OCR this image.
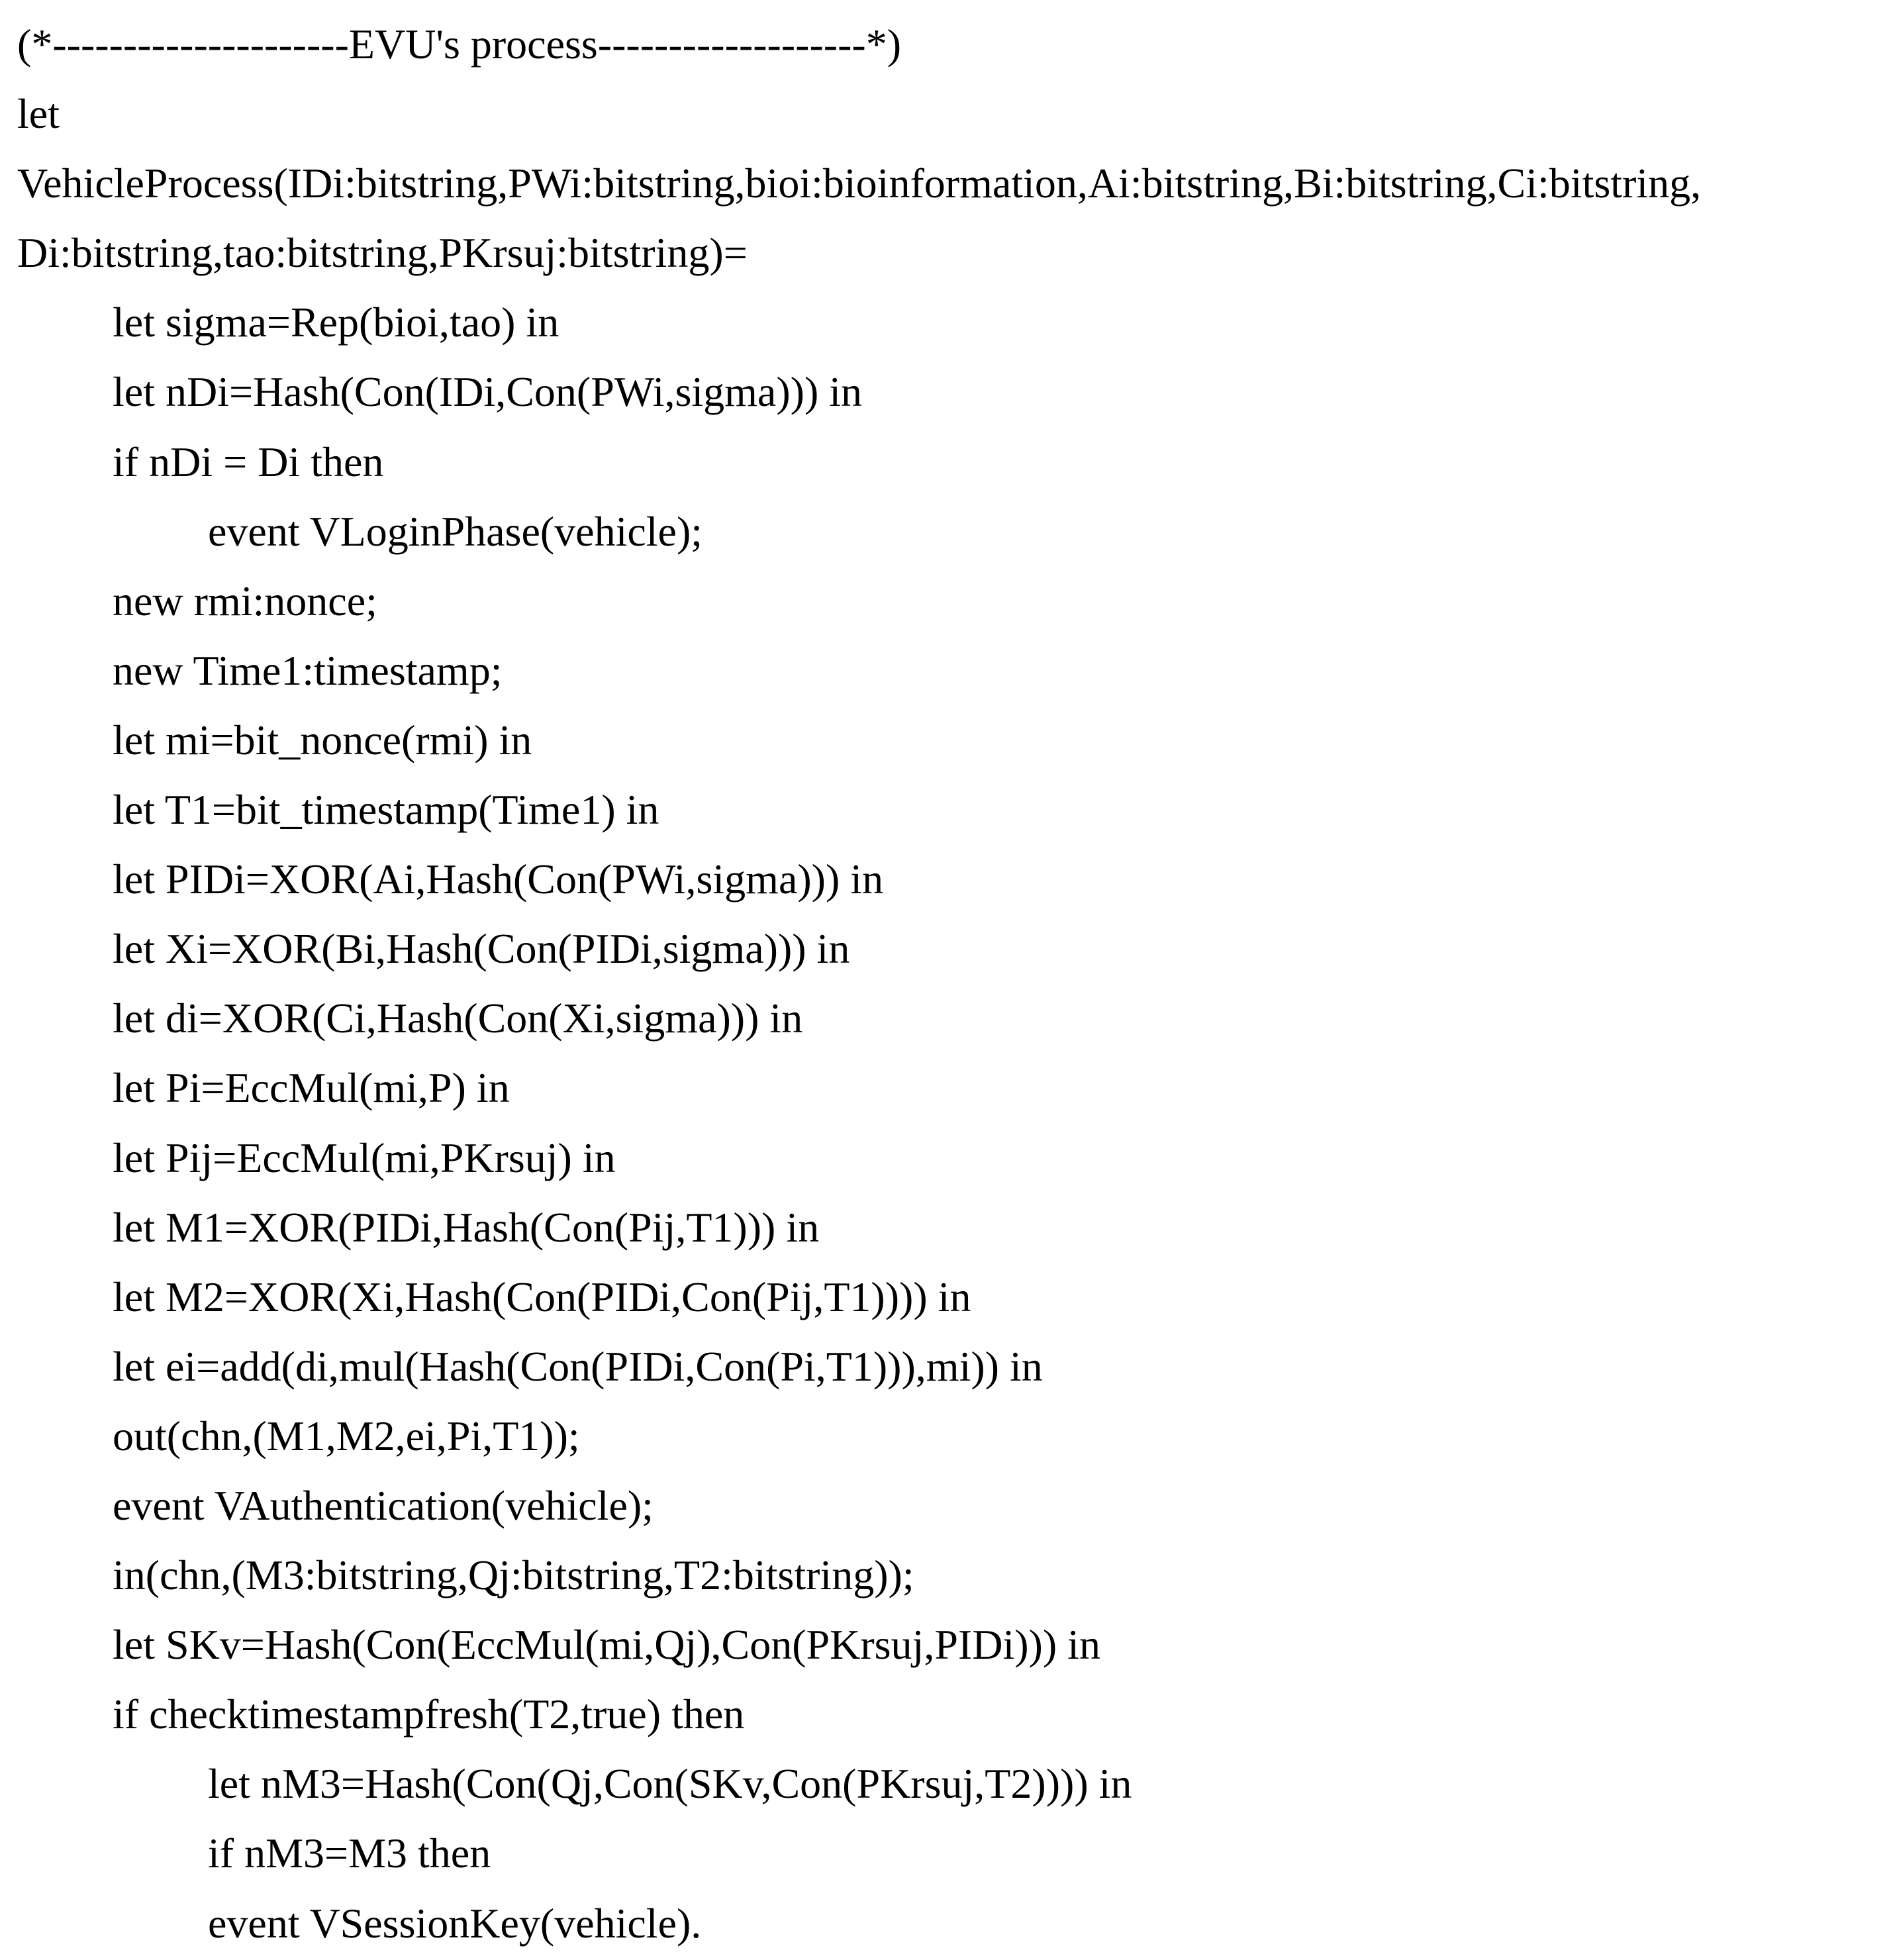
(*---------------------EVU's process-------------------*)
let
VehicleProcess(IDi:bitstring,PWi:bitstring,bioi:bioinformation,Ai:bitstring,Bi:bitstring,Ci:bitstring,
Di:bitstring,tao:bitstring,PKrsuj:bitstring)=
let sigma=Rep(bioi,tao) in
let nDi=Hash(Con(IDi,Con(PWi,sigma))) in
if nDi = Di then
event VLoginPhase(vehicle);
new rmi:nonce;
new Time1:timestamp;
let mi=bit_nonce(rmi) in
let T1=bit_timestamp(Time1) in
let PIDi=XOR(Ai,Hash(Con(PWi,sigma))) in
let Xi=XOR(Bi,Hash(Con(PIDi,sigma))) in
let di=XOR(Ci,Hash(Con(Xi,sigma))) in
let Pi=EccMul(mi,P) in
let Pij=EccMul(mi,PKrsuj) in
let M1=XOR(PIDi,Hash(Con(Pij,T1))) in
let M2=XOR(Xi,Hash(Con(PIDi,Con(Pij,T1)))) in
let ei=add(di,mul(Hash(Con(PIDi,Con(Pi,T1))),mi)) in
out(chn,(M1,M2,ei,Pi,T1));
event VAuthentication(vehicle);
in(chn,(M3:bitstring,Qj:bitstring,T2:bitstring));
let SKv=Hash(Con(EccMul(mi,Qj),Con(PKrsuj,PIDi))) in
if checktimestampfresh(T2,true) then
let nM3=Hash(Con(Qj,Con(SKv,Con(PKrsuj,T2)))) in
if nM3=M3 then
event VSessionKey(vehicle).
